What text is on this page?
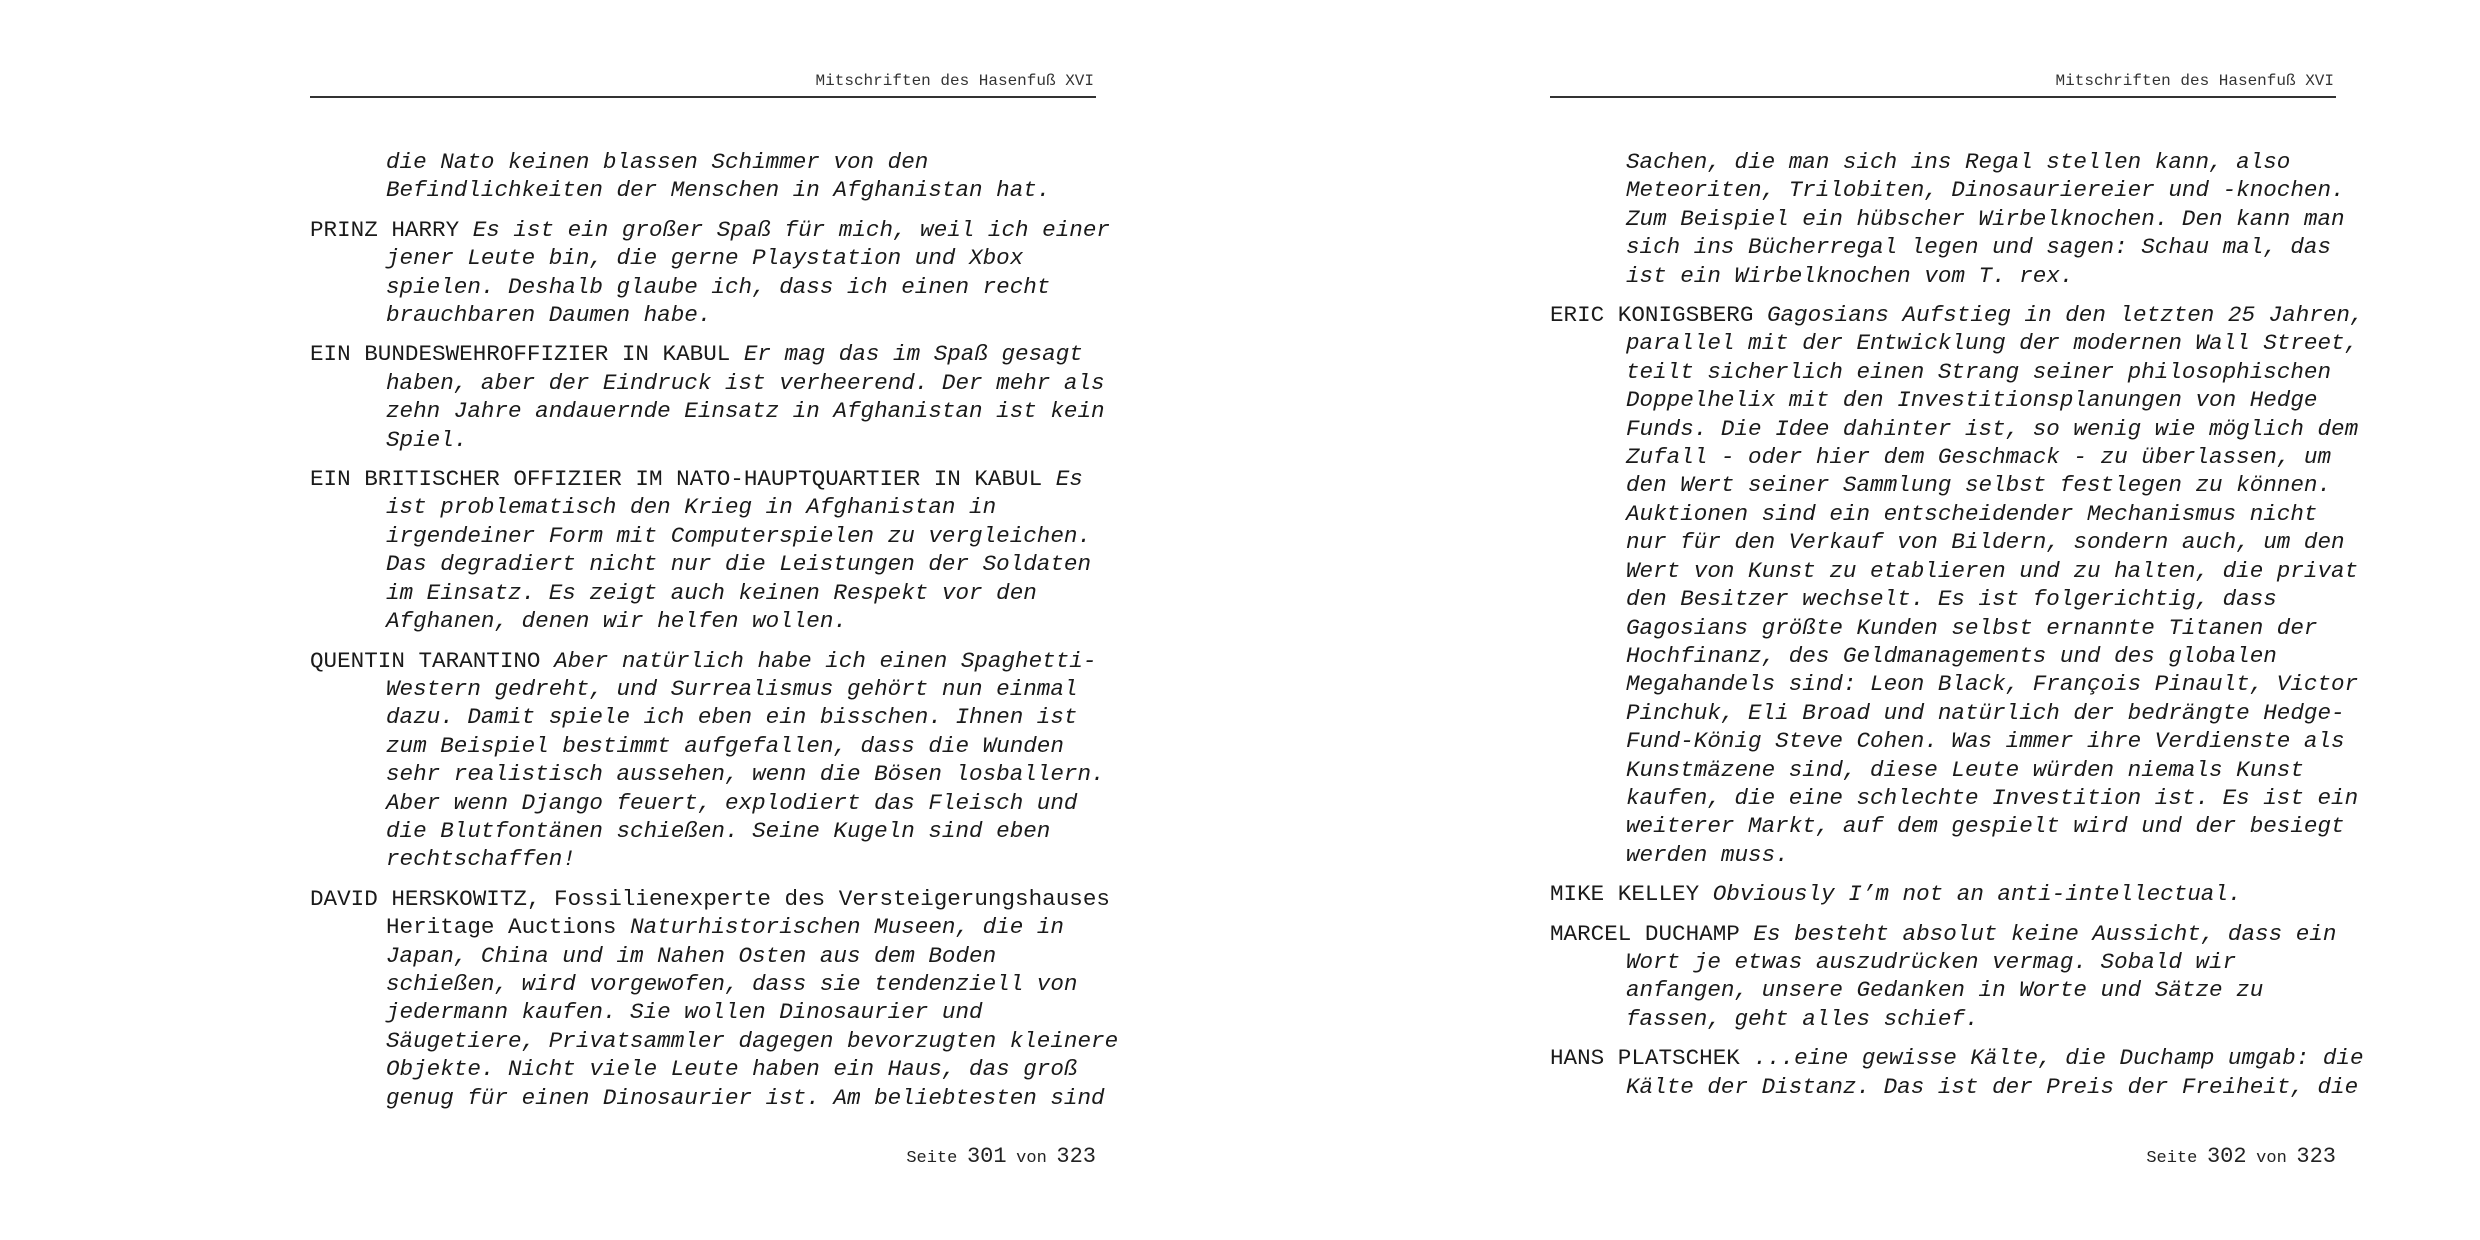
Mitschriften des Hasenfuß XVI
die Nato keinen blassen Schimmer von den
Befindlichkeiten der Menschen in Afghanistan hat.
PRINZ HARRY Es ist ein großer Spaß für mich, weil ich einer
jener Leute bin, die gerne Playstation und Xbox
spielen. Deshalb glaube ich, dass ich einen recht
brauchbaren Daumen habe.
EIN BUNDESWEHROFFIZIER IN KABUL Er mag das im Spaß gesagt
haben, aber der Eindruck ist verheerend. Der mehr als
zehn Jahre andauernde Einsatz in Afghanistan ist kein
Spiel.
EIN BRITISCHER OFFIZIER IM NATO-HAUPTQUARTIER IN KABUL Es
ist problematisch den Krieg in Afghanistan in
irgendeiner Form mit Computerspielen zu vergleichen.
Das degradiert nicht nur die Leistungen der Soldaten
im Einsatz. Es zeigt auch keinen Respekt vor den
Afghanen, denen wir helfen wollen.
QUENTIN TARANTINO Aber natürlich habe ich einen Spaghetti-
Western gedreht, und Surrealismus gehört nun einmal
dazu. Damit spiele ich eben ein bisschen. Ihnen ist
zum Beispiel bestimmt aufgefallen, dass die Wunden
sehr realistisch aussehen, wenn die Bösen losballern.
Aber wenn Django feuert, explodiert das Fleisch und
die Blutfontänen schießen. Seine Kugeln sind eben
rechtschaffen!
DAVID HERSKOWITZ, Fossilienexperte des Versteigerungshauses
Heritage Auctions Naturhistorischen Museen, die in
Japan, China und im Nahen Osten aus dem Boden
schießen, wird vorgewofen, dass sie tendenziell von
jedermann kaufen. Sie wollen Dinosaurier und
Säugetiere, Privatsammler dagegen bevorzugten kleinere
Objekte. Nicht viele Leute haben ein Haus, das groß
genug für einen Dinosaurier ist. Am beliebtesten sind
Seite 301 von 323
Mitschriften des Hasenfuß XVI
Sachen, die man sich ins Regal stellen kann, also
Meteoriten, Trilobiten, Dinosauriereier und -knochen.
Zum Beispiel ein hübscher Wirbelknochen. Den kann man
sich ins Bücherregal legen und sagen: Schau mal, das
ist ein Wirbelknochen vom T. rex.
ERIC KONIGSBERG Gagosians Aufstieg in den letzten 25 Jahren,
parallel mit der Entwicklung der modernen Wall Street,
teilt sicherlich einen Strang seiner philosophischen
Doppelhelix mit den Investitionsplanungen von Hedge
Funds. Die Idee dahinter ist, so wenig wie möglich dem
Zufall - oder hier dem Geschmack - zu überlassen, um
den Wert seiner Sammlung selbst festlegen zu können.
Auktionen sind ein entscheidender Mechanismus nicht
nur für den Verkauf von Bildern, sondern auch, um den
Wert von Kunst zu etablieren und zu halten, die privat
den Besitzer wechselt. Es ist folgerichtig, dass
Gagosians größte Kunden selbst ernannte Titanen der
Hochfinanz, des Geldmanagements und des globalen
Megahandels sind: Leon Black, François Pinault, Victor
Pinchuk, Eli Broad und natürlich der bedrängte Hedge-
Fund-König Steve Cohen. Was immer ihre Verdienste als
Kunstmäzene sind, diese Leute würden niemals Kunst
kaufen, die eine schlechte Investition ist. Es ist ein
weiterer Markt, auf dem gespielt wird und der besiegt
werden muss.
MIKE KELLEY Obviously I’m not an anti-intellectual.
MARCEL DUCHAMP Es besteht absolut keine Aussicht, dass ein
Wort je etwas auszudrücken vermag. Sobald wir
anfangen, unsere Gedanken in Worte und Sätze zu
fassen, geht alles schief.
HANS PLATSCHEK ...eine gewisse Kälte, die Duchamp umgab: die
Kälte der Distanz. Das ist der Preis der Freiheit, die
Seite 302 von 323
